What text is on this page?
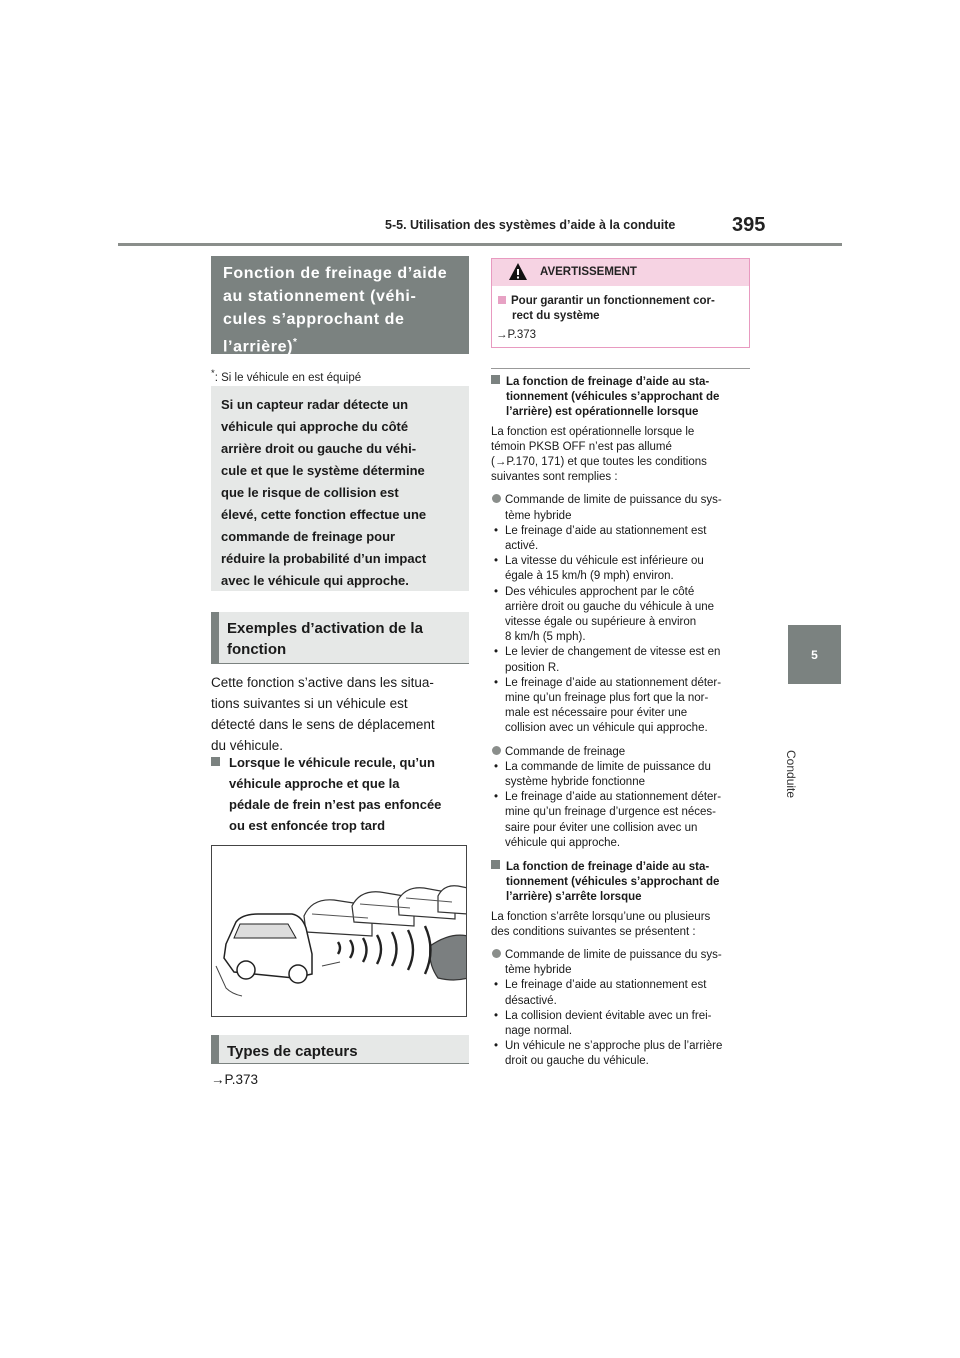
5-5. Utilisation des systèmes d’aide à la conduite	395
5
Conduite
Fonction de freinage d’aide
au stationnement (véhi-
cules s’approchant de
l’arrière)*
*: Si le véhicule en est équipé
Si un capteur radar détecte un
véhicule qui approche du côté
arrière droit ou gauche du véhi-
cule et que le système détermine
que le risque de collision est
élevé, cette fonction effectue une
commande de freinage pour
réduire la probabilité d’un impact
avec le véhicule qui approche.
Exemples d’activation de la fonction
Cette fonction s’active dans les situa-
tions suivantes si un véhicule est
détecté dans le sens de déplacement
du véhicule.
Lorsque le véhicule recule, qu’un
véhicule approche et que la
pédale de frein n’est pas enfoncée
ou est enfoncée trop tard
Types de capteurs
→P.373
AVERTISSEMENT
Pour garantir un fonctionnement cor-
rect du système
→P.373
La fonction de freinage d’aide au sta-
tionnement (véhicules s’approchant de
l’arrière) est opérationnelle lorsque
La fonction est opérationnelle lorsque le
témoin PKSB OFF n’est pas allumé
(→P.170, 171) et que toutes les conditions
suivantes sont remplies :
Commande de limite de puissance du sys-
tème hybride
• Le freinage d’aide au stationnement est
activé.
• La vitesse du véhicule est inférieure ou
égale à 15 km/h (9 mph) environ.
• Des véhicules approchent par le côté
arrière droit ou gauche du véhicule à une
vitesse égale ou supérieure à environ
8 km/h (5 mph).
• Le levier de changement de vitesse est en
position R.
• Le freinage d’aide au stationnement déter-
mine qu’un freinage plus fort que la nor-
male est nécessaire pour éviter une
collision avec un véhicule qui approche.
Commande de freinage
• La commande de limite de puissance du
système hybride fonctionne
• Le freinage d’aide au stationnement déter-
mine qu’un freinage d’urgence est néces-
saire pour éviter une collision avec un
véhicule qui approche.
La fonction de freinage d’aide au sta-
tionnement (véhicules s’approchant de
l’arrière) s’arrête lorsque
La fonction s’arrête lorsqu’une ou plusieurs
des conditions suivantes se présentent :
Commande de limite de puissance du sys-
tème hybride
• Le freinage d’aide au stationnement est
désactivé.
• La collision devient évitable avec un frei-
nage normal.
• Un véhicule ne s’approche plus de l’arrière
droit ou gauche du véhicule.
